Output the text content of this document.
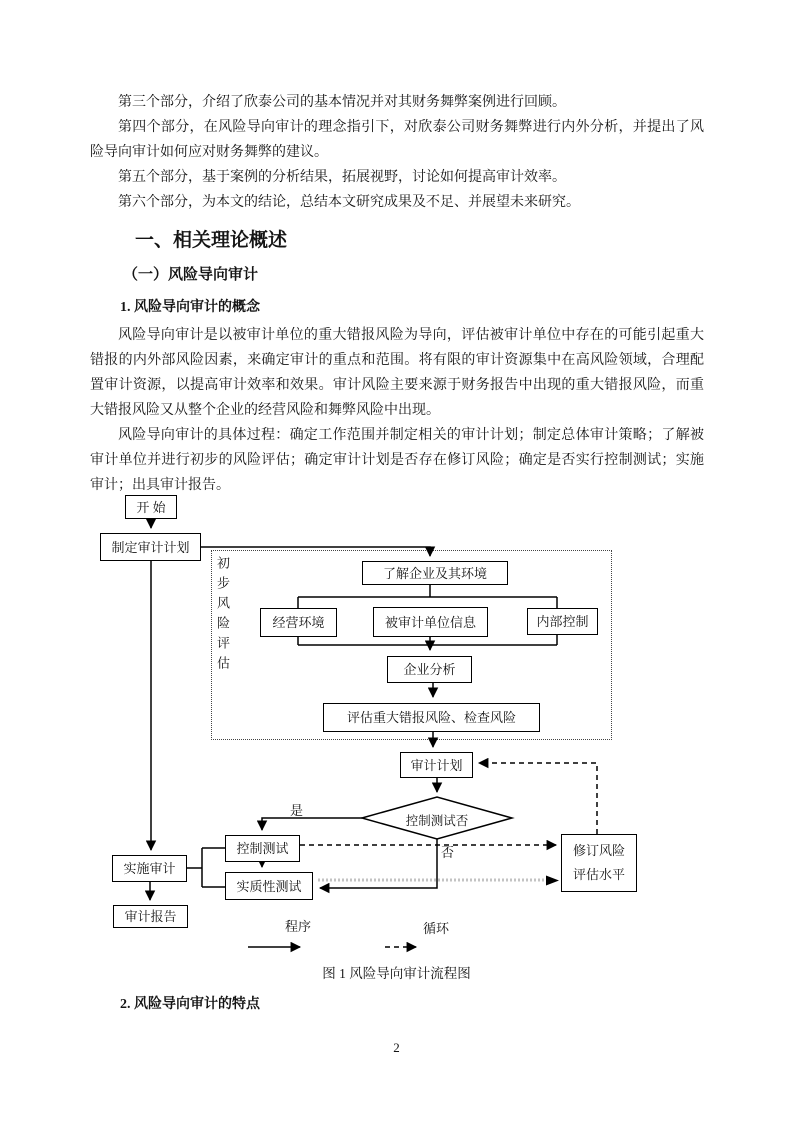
第三个部分，介绍了欣泰公司的基本情况并对其财务舞弊案例进行回顾。

第四个部分，在风险导向审计的理念指引下，对欣泰公司财务舞弊进行内外分析，并提出了风险导向审计如何应对财务舞弊的建议。

第五个部分，基于案例的分析结果，拓展视野，讨论如何提高审计效率。

第六个部分，为本文的结论，总结本文研究成果及不足、并展望未来研究。

一、相关理论概述
（一）风险导向审计
1. 风险导向审计的概念

风险导向审计是以被审计单位的重大错报风险为导向，评估被审计单位中存在的可能引起重大错报的内外部风险因素，来确定审计的重点和范围。将有限的审计资源集中在高风险领域，合理配置审计资源，以提高审计效率和效果。审计风险主要来源于财务报告中出现的重大错报风险，而重大错报风险又从整个企业的经营风险和舞弊风险中出现。

风险导向审计的具体过程：确定工作范围并制定相关的审计计划；制定总体审计策略；了解被审计单位并进行初步的风险评估；确定审计计划是否存在修订风险；确定是否实行控制测试；实施审计；出具审计报告。

开 始
制定审计计划
初步风险评估	了解企业及其环境
经营环境	被审计单位信息	内部控制
企业分析
评估重大错报风险、检查风险
审计计划
控制测试否
控制测试
实质性测试
实施审计
审计报告
修订风险
评估水平
是
否
程序	循环
图 1 风险导向审计流程图
2. 风险导向审计的特点
2
